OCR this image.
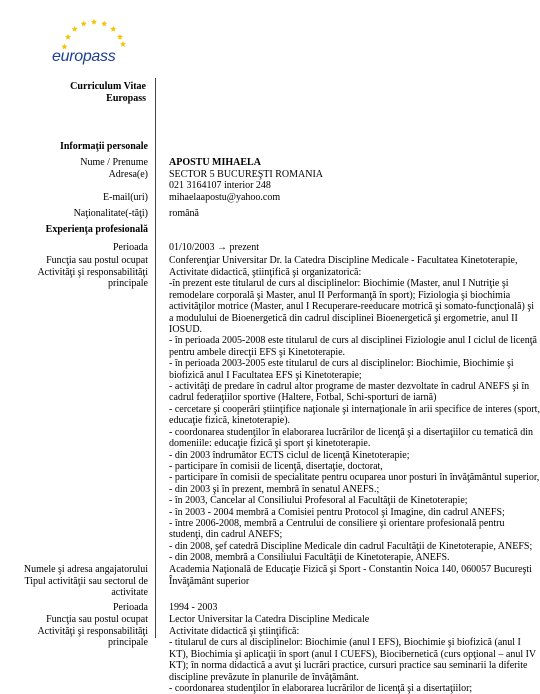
europass
Curriculum Vitae
Europass
Informaţii personale
Nume / Prenume APOSTU MIHAELA
Adresa(e) SECTOR 5 BUCUREŞTI ROMANIA
021 3164107 interior 248
E-mail(uri) mihaelaapostu@yahoo.com
Naţionalitate(-tăţi) română
Experienţa profesională
Perioada 01/10/2003 → prezent
Funcţia sau postul ocupat Conferenţiar Universitar Dr. la Catedra Discipline Medicale - Facultatea Kinetoterapie,
Activităţi şi responsabilităţi
principale
Activitate didactică, ştiinţifică şi organizatorică:
-în prezent este titularul de curs al disciplinelor: Biochimie (Master, anul I Nutriţie şi
remodelare corporală şi Master, anul II Performanţă în sport); Fiziologia şi biochimia
activităţilor motrice (Master, anul I Recuperare-reeducare motrică şi somato-funcţională) şi
a modulului de Bioenergetică din cadrul disciplinei Bioenergetică şi ergometrie, anul II
IOSUD.
- în perioada 2005-2008 este titularul de curs al disciplinei Fiziologie anul I ciclul de licenţă
pentru ambele direcţii EFS şi Kinetoterapie.
- în perioada 2003-2005 este titularul de curs al disciplinelor: Biochimie, Biochimie şi
biofizică anul I Facultatea EFS şi Kinetoterapie;
- activităţi de predare în cadrul altor programe de master dezvoltate în cadrul ANEFS şi în
cadrul federaţiilor sportive (Haltere, Fotbal, Schi-sporturi de iarnă)
- cercetare şi cooperări ştiinţifice naţionale şi internaţionale în arii specifice de interes (sport,
educaţie fizică, kinetoterapie).
- coordonarea studenţilor în elaborarea lucrărilor de licenţă şi a disertaţiilor cu tematică din
domeniile: educaţie fizică şi sport şi kinetoterapie.
- din 2003 îndrumător ECTS ciclul de licenţă Kinetoterapie;
- participare în comisii de licenţă, disertaţie, doctorat,
- participare în comisii de specialitate pentru ocuparea unor posturi în învăţământul superior,
- din 2003 şi în prezent, membră în senatul ANEFS.;
- în 2003, Cancelar al Consiliului Profesoral al Facultăţii de Kinetoterapie;
- în 2003 - 2004 membră a Comisiei pentru Protocol şi Imagine, din cadrul ANEFS;
- între 2006-2008, membră a Centrului de consiliere şi orientare profesională pentru
studenţi, din cadrul ANEFS;
- din 2008, şef catedră Discipline Medicale din cadrul Facultăţii de Kinetoterapie, ANEFS;
- din 2008, membră a Consiliului Facultăţii de Kinetoterapie, ANEFS.
Numele şi adresa angajatorului Academia Naţională de Educaţie Fizică şi Sport - Constantin Noica 140, 060057 Bucureşti
Tipul activităţii sau sectorul de
activitate
Învăţământ superior
Perioada 1994 - 2003
Funcţia sau postul ocupat Lector Universitar la Catedra Discipline Medicale
Activităţi şi responsabilităţi
principale
Activitate didactică şi ştiinţifică:
- titularul de curs al disciplinelor: Biochimie (anul I EFS), Biochimie şi biofizică (anul I
KT), Biochimia şi aplicaţii în sport (anul I CUEFS), Biocibernetică (curs opţional – anul IV
KT); în norma didactică a avut şi lucrări practice, cursuri practice sau seminarii la diferite
discipline prevăzute în planurile de învăţământ.
- coordonarea studenţilor în elaborarea lucrărilor de licenţă şi a disertaţiilor;
